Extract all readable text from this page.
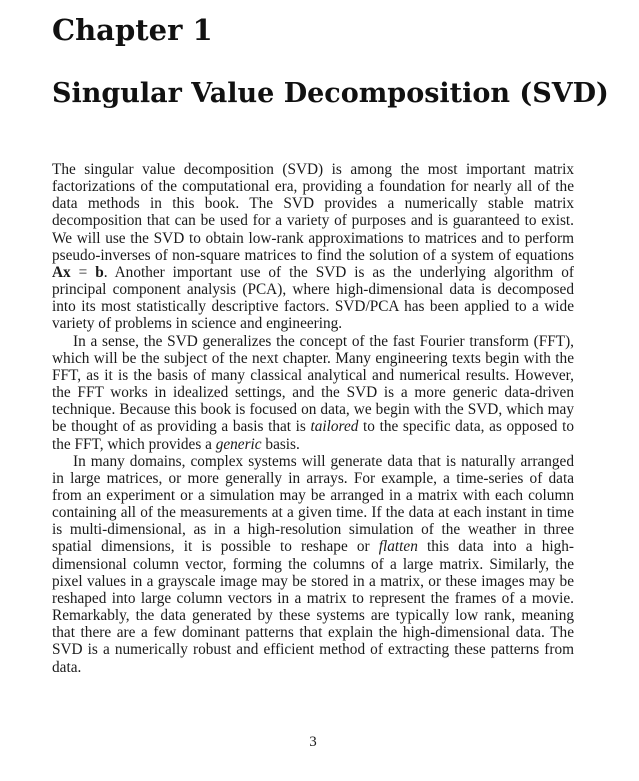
Chapter 1
Singular Value Decomposition (SVD)

The singular value decomposition (SVD) is among the most important matrix factorizations of the computational era, providing a foundation for nearly all of the data methods in this book. The SVD provides a numerically stable matrix decomposition that can be used for a variety of purposes and is guaranteed to exist. We will use the SVD to obtain low-rank approximations to matrices and to perform pseudo-inverses of non-square matrices to find the solution of a system of equations Ax = b. Another important use of the SVD is as the underlying algorithm of principal component analysis (PCA), where high-dimensional data is decomposed into its most statistically descriptive factors. SVD/PCA has been applied to a wide variety of problems in science and engineering.

In a sense, the SVD generalizes the concept of the fast Fourier transform (FFT), which will be the subject of the next chapter. Many engineering texts begin with the FFT, as it is the basis of many classical analytical and numerical results. However, the FFT works in idealized settings, and the SVD is a more generic data-driven technique. Because this book is focused on data, we begin with the SVD, which may be thought of as providing a basis that is tailored to the specific data, as opposed to the FFT, which provides a generic basis.

In many domains, complex systems will generate data that is naturally arranged in large matrices, or more generally in arrays. For example, a time-series of data from an experiment or a simulation may be arranged in a matrix with each column containing all of the measurements at a given time. If the data at each instant in time is multi-dimensional, as in a high-resolution simulation of the weather in three spatial dimensions, it is possible to reshape or flatten this data into a high-dimensional column vector, forming the columns of a large matrix. Similarly, the pixel values in a grayscale image may be stored in a matrix, or these images may be reshaped into large column vectors in a matrix to represent the frames of a movie. Remarkably, the data generated by these systems are typically low rank, meaning that there are a few dominant patterns that explain the high-dimensional data. The SVD is a numerically robust and efficient method of extracting these patterns from data.

3
